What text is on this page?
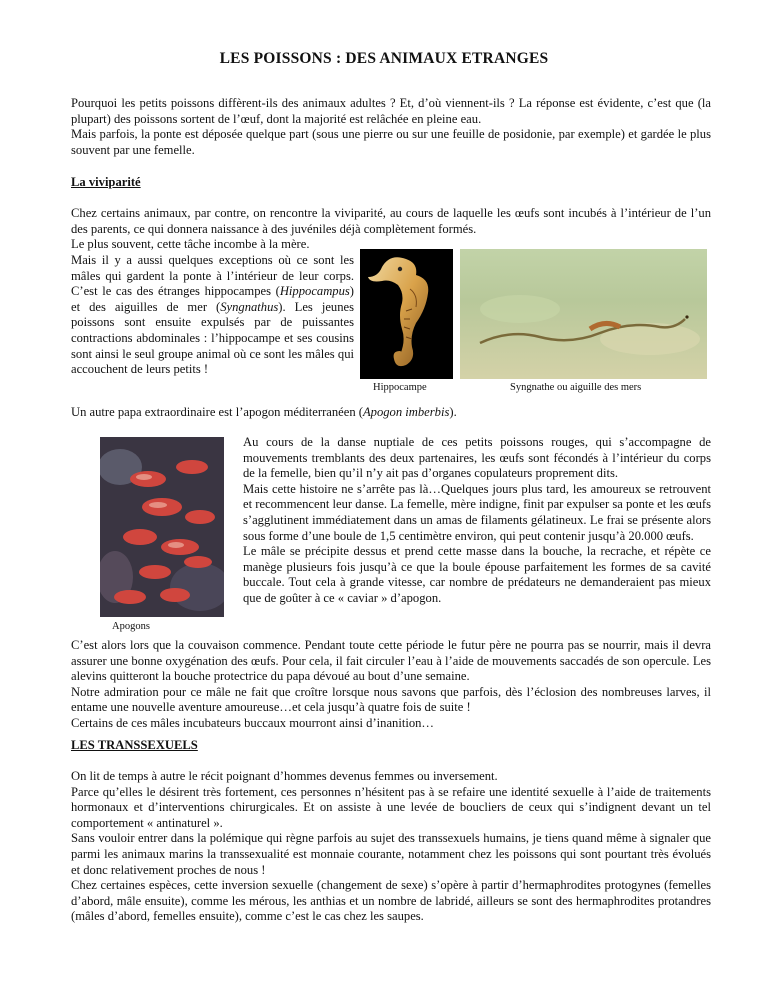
LES POISSONS : DES ANIMAUX ETRANGES

Pourquoi les petits poissons diffèrent-ils des animaux adultes ? Et, d’où viennent-ils ? La réponse est évidente, c’est que (la plupart) des poissons sortent de l’œuf, dont la majorité est relâchée en pleine eau.

Mais parfois, la ponte est déposée quelque part (sous une pierre ou sur une feuille de posidonie, par exemple) et gardée le plus souvent par une femelle.

La viviparité

Chez certains animaux, par contre, on rencontre la viviparité, au cours de laquelle les œufs sont incubés à l’intérieur de l’un des parents, ce qui donnera naissance à des juvéniles déjà complètement formés.

Le plus souvent, cette tâche incombe à la mère.

Mais il y a aussi quelques exceptions où ce sont les mâles qui gardent la ponte à l’intérieur de leur corps. C’est le cas des étranges hippocampes (Hippocampus) et des aiguilles de mer (Syngnathus). Les jeunes poissons sont ensuite expulsés par de puissantes contractions abdominales : l’hippocampe et ses cousins sont ainsi le seul groupe animal où ce sont les mâles qui accouchent de leurs petits !

Hippocampe	Syngnathe ou aiguille des mers

Un autre papa extraordinaire est l’apogon méditerranéen (Apogon imberbis).

Apogons

Au cours de la danse nuptiale de ces petits poissons rouges, qui s’accompagne de mouvements tremblants des deux partenaires, les œufs sont fécondés à l’intérieur du corps de la femelle, bien qu’il n’y ait pas d’organes copulateurs proprement dits.

Mais cette histoire ne s’arrête pas là…Quelques jours plus tard, les amoureux se retrouvent et recommencent leur danse. La femelle, mère indigne, finit par expulser sa ponte et les œufs s’agglutinent immédiatement dans un amas de filaments gélatineux. Le frai se présente alors sous forme d’une boule de 1,5 centimètre environ, qui peut contenir jusqu’à 20.000 œufs.

Le mâle se précipite dessus et prend cette masse dans la bouche, la recrache, et répète ce manège plusieurs fois jusqu’à ce que la boule épouse parfaitement les formes de sa cavité buccale. Tout cela à grande vitesse, car nombre de prédateurs ne demanderaient pas mieux que de goûter à ce « caviar » d’apogon.

C’est alors lors que la couvaison commence. Pendant toute cette période le futur père ne pourra pas se nourrir, mais il devra assurer une bonne oxygénation des œufs. Pour cela, il fait circuler l’eau à l’aide de mouvements saccadés de son opercule. Les alevins quitteront la bouche protectrice du papa dévoué au bout d’une semaine.

Notre admiration pour ce mâle ne fait que croître lorsque nous savons que parfois, dès l’éclosion des nombreuses larves, il entame une nouvelle aventure amoureuse…et cela jusqu’à quatre fois de suite !

Certains de ces mâles incubateurs buccaux mourront ainsi d’inanition…

LES TRANSSEXUELS

On lit de temps à autre le récit poignant d’hommes devenus femmes ou inversement.

Parce qu’elles le désirent très fortement, ces personnes n’hésitent pas à se refaire une identité sexuelle à l’aide de traitements hormonaux et d’interventions chirurgicales. Et on assiste à une levée de boucliers de ceux qui s’indignent devant un tel comportement « antinaturel ».

Sans vouloir entrer dans la polémique qui règne parfois au sujet des transsexuels humains, je tiens quand même à signaler que parmi les animaux marins la transsexualité est monnaie courante, notamment chez les poissons qui sont pourtant très évolués et donc relativement proches de nous !

Chez certaines espèces, cette inversion sexuelle (changement de sexe) s’opère à partir d’hermaphrodites protogynes (femelles d’abord, mâle ensuite), comme les mérous, les anthias et un nombre de labridé, ailleurs se sont des hermaphrodites protandres (mâles d’abord, femelles ensuite), comme c’est le cas chez les saupes.
